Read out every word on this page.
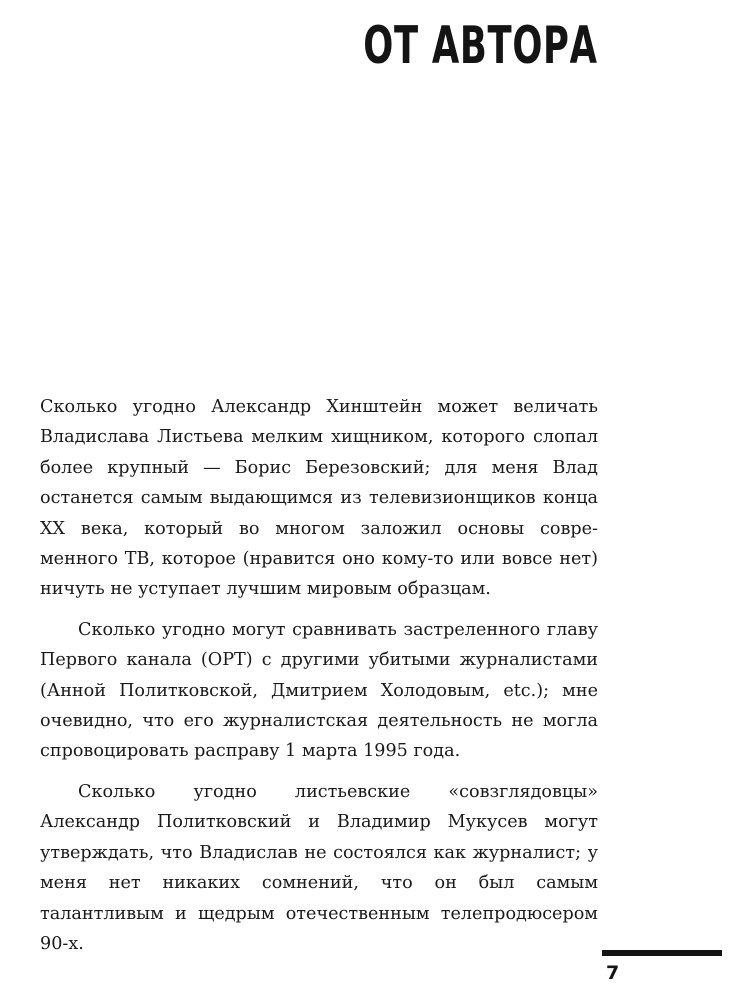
ОТ АВТОРА

Сколько угодно Александр Хинштейн может величать Владислава Листьева мелким хищником, которого слопал более крупный — Борис Березовский; для меня Влад останется самым выдающимся из телевизионщиков конца XX века, который во многом заложил основы современного ТВ, которое (нравится оно кому-то или вовсе нет) ничуть не уступает лучшим мировым образцам.

Сколько угодно могут сравнивать застреленного главу Первого канала (ОРТ) с другими убитыми журналистами (Анной Политковской, Дмитрием Холодовым, etc.); мне очевидно, что его журналистская деятельность не могла спровоцировать расправу 1 марта 1995 года.

Сколько угодно листьевские «совзглядовцы» Александр Политковский и Владимир Мукусев могут утверждать, что Владислав не состоялся как журналист; у меня нет никаких сомнений, что он был самым талантливым и щедрым отечественным телепродюсером 90-х.

7
